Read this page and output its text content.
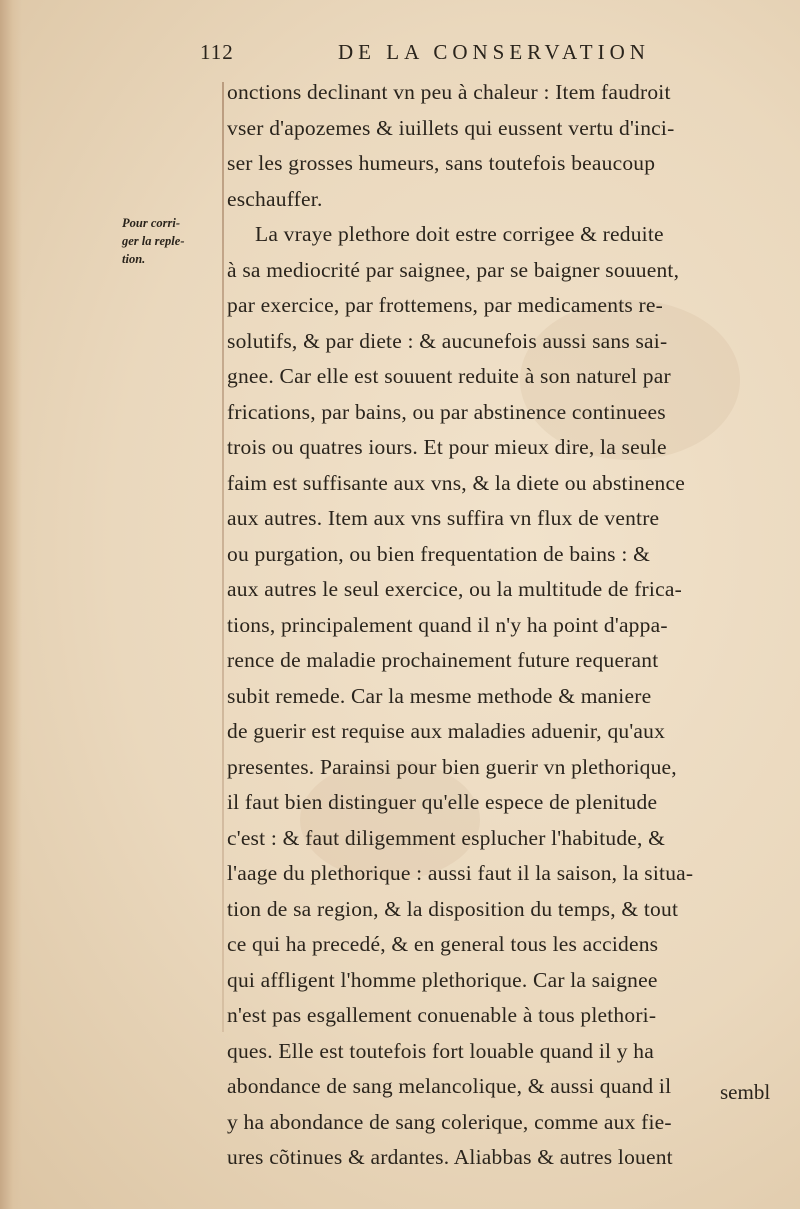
112	DE LA CONSERVATION
Pour corri-
ger la reple-
tion.
onctions declinant vn peu à chaleur : Item faudroit
vser d'apozemes & iuillets qui eussent vertu d'inci-
ser les grosses humeurs, sans toutefois beaucoup
eschauffer.
La vraye plethore doit estre corrigee & reduite
à sa mediocrité par saignee, par se baigner souuent,
par exercice, par frottemens, par medicaments re-
solutifs, & par diete : & aucunefois aussi sans sai-
gnee. Car elle est souuent reduite à son naturel par
frications, par bains, ou par abstinence continuees
trois ou quatres iours. Et pour mieux dire, la seule
faim est suffisante aux vns, & la diete ou abstinence
aux autres. Item aux vns suffira vn flux de ventre
ou purgation, ou bien frequentation de bains : &
aux autres le seul exercice, ou la multitude de frica-
tions, principalement quand il n'y ha point d'appa-
rence de maladie prochainement future requerant
subit remede. Car la mesme methode & maniere
de guerir est requise aux maladies aduenir, qu'aux
presentes. Parainsi pour bien guerir vn plethorique,
il faut bien distinguer qu'elle espece de plenitude
c'est : & faut diligemment esplucher l'habitude, &
l'aage du plethorique : aussi faut il la saison, la situa-
tion de sa region, & la disposition du temps, & tout
ce qui ha precedé, & en general tous les accidens
qui affligent l'homme plethorique. Car la saignee
n'est pas esgallement conuenable à tous plethori-
ques. Elle est toutefois fort louable quand il y ha
abondance de sang melancolique, & aussi quand il
y ha abondance de sang colerique, comme aux fie-
ures cõtinues & ardantes. Aliabbas & autres louent
sembl
